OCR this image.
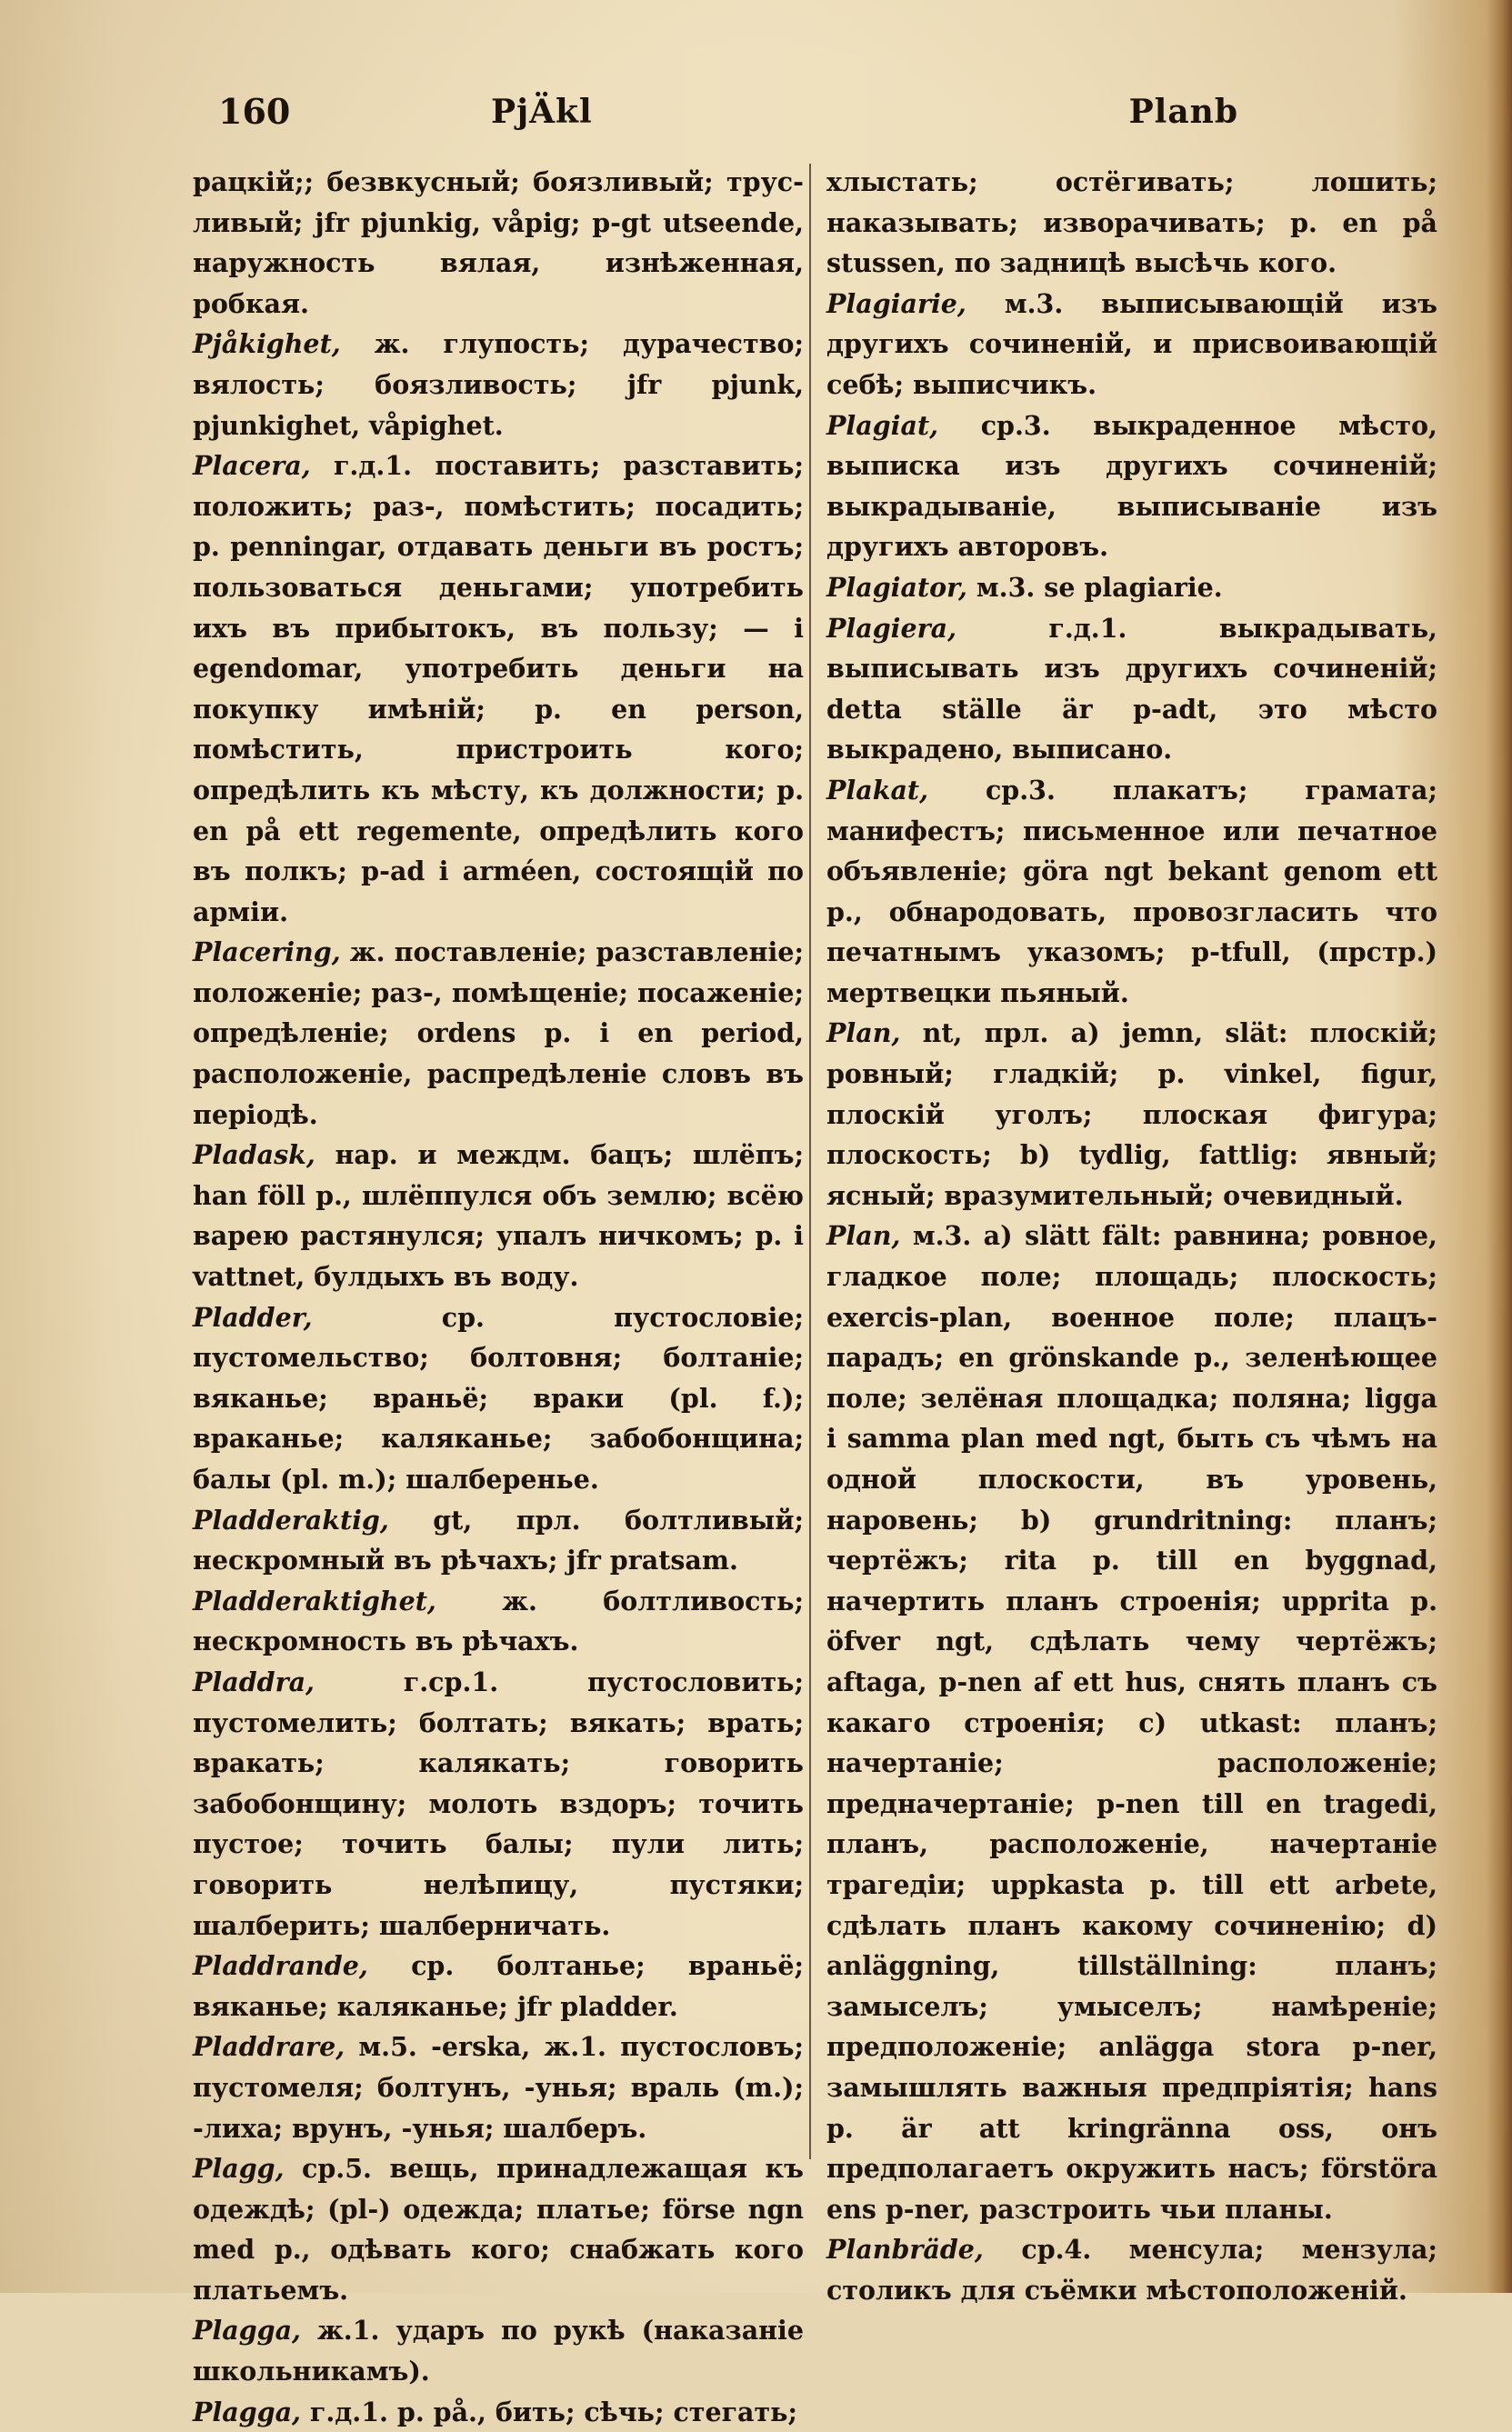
160	PjÄkl	Planb

рацкій;; безвкусный; боязливый; трус-ливый; jfr pjunkig, våpig; p-gt utseende, наружность вялая, изнѣженная, робкая.

Pjåkighet, ж. глупость; дурачество; вялость; боязливость; jfr pjunk, pjunkighet, våpighet.

Placera, г.д.1. поставить; разставить; положить; раз-, помѣстить; посадить; p. penningar, отдавать деньги въ ростъ; пользоваться деньгами; употребить ихъ въ прибытокъ, въ пользу; — i egendomar, употребить деньги на покупку имѣній; p. en person, помѣстить, пристроить кого; опредѣлить къ мѣсту, къ должности; p. en på ett regemente, опредѣлить кого въ полкъ; p-ad i arméen, состоящій по арміи.

Placering, ж. поставленіе; разставленіе; положеніе; раз-, помѣщеніе; посаженіе; опредѣленіе; ordens p. i en period, расположеніе, распредѣленіе словъ въ періодѣ.

Pladask, нар. и междм. бацъ; шлёпъ; han föll p., шлёппулся объ землю; всёю варею растянулся; упалъ ничкомъ; p. i vattnet, булдыхъ въ воду.

Pladder,	ср. пустословіе; пустомельство; болтовня; болтаніе; вяканье; враньё; враки (pl. f.); враканье; каляканье; забобонщина; балы (pl. m.); шалберенье.

Pladderaktig, gt, прл. болтливый; нескромный въ рѣчахъ; jfr pratsam.

Pladderaktighet,	ж. болтливость; нескромность въ рѣчахъ.

Pladdra,	г.ср.1. пустословить; пустомелить; болтать; вякать; врать; вракать; калякать; говорить забобонщину; молоть вздоръ; точить пустое; точить балы; пули лить; говорить нелѣпицу, пустяки; шалберить; шалберничать.

Pladdrande, ср. болтанье; враньё; вяканье; каляканье; jfr pladder.

Pladdrare, м.5. -erska, ж.1. пустословъ; пустомеля; болтунъ, -унья; враль (m.); -лиха; врунъ, -унья; шалберъ.

Plagg, ср.5. вещь, принадлежащая къ одеждѣ; (pl-) одежда; платье; förse ngn med p., одѣвать кого; снабжать кого платьемъ.

Plagga, ж.1. ударъ по рукѣ (наказаніе школьникамъ).

Plagga, г.д.1. p. på., бить; сѣчь; стегать;

хлыстать; остёгивать; лошить; наказывать; изворачивать; p. en på stussen, по задницѣ высѣчь кого.

Plagiarie, м.3. выписывающій изъ другихъ сочиненій, и присвоивающій себѣ; выписчикъ.

Plagiat, ср.3. выкраденное мѣсто, выписка изъ другихъ сочиненій; выкрадываніе, выписываніе изъ другихъ авторовъ.

Plagiator, м.3. se plagiarie.

Plagiera,	г.д.1. выкрадывать, выписывать изъ другихъ сочиненій; detta ställe är p-adt, это мѣсто выкрадено, выписано.

Plakat, ср.3. плакатъ; грамата; манифестъ; письменное или печатное объявленіе; göra ngt bekant genom ett p., обнародовать, провозгласить что печатнымъ указомъ; p-tfull, (прстр.) мертвецки пьяный.

Plan, nt, прл. a) jemn, slät: плоскій; ровный; гладкій; p. vinkel, figur, плоскій уголъ; плоская фигура; плоскость; b) tydlig, fattlig: явный; ясный; вразумительный; очевидный.

Plan, м.3. a) slätt fält: равнина; ровное, гладкое поле; площадь; плоскость; exercis-plan, военное поле; плацъ-парадъ; en grönskande p., зеленѣющее поле; зелёная площадка; поляна; ligga i samma plan med ngt, быть съ чѣмъ на одной плоскости, въ уровень, наровень; b) grundritning: планъ; чертёжъ; rita p. till en byggnad, начертить планъ строенія; uppritа p. öfver ngt, сдѣлать чему чертёжъ; aftaga, p-nen af ett hus, снять планъ съ какаго строенія; c) utkast: планъ; начертаніе; расположеніе; предначертаніе; p-nen till en tragedi, планъ, расположеніе, начертаніе трагедіи; uppkasta p. till ett arbete, сдѣлать планъ какому сочиненію; d) anläggning, tillställning: планъ; замыселъ; умыселъ; намѣреніе; предположеніе; anlägga stora p-ner, замышлять важныя предпріятія; hans p. är att kringränna oss, онъ предполагаетъ окружить насъ; förstöra ens p-ner, разстроить чьи планы.

Planbräde, ср.4. менсула; мензула; столикъ для съёмки мѣстоположеній.
